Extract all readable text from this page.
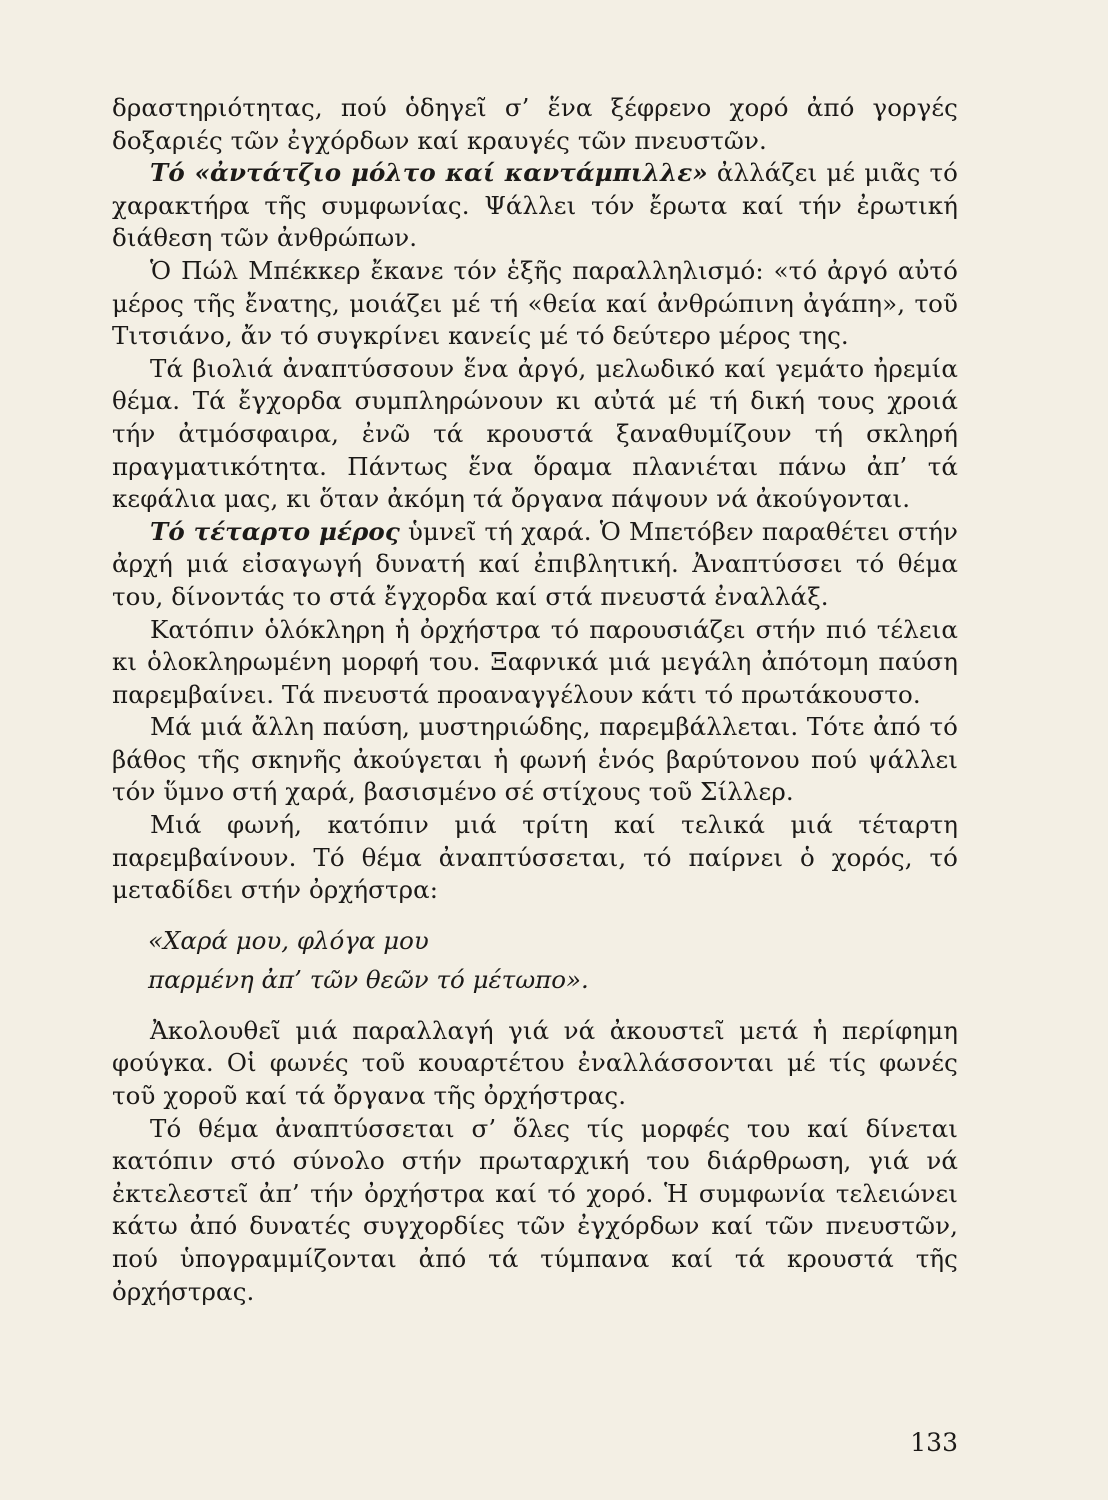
δραστηριότητας, πού ὁδηγεῖ σ’ ἕνα ξέφρενο χορό ἀπό γοργές δοξαριές τῶν ἐγχόρδων καί κραυγές τῶν πνευστῶν.

Τό «ἀντάτζιο μόλτο καί καντάμπιλλε» ἀλλάζει μέ μιᾶς τό χαρακτήρα τῆς συμφωνίας. Ψάλλει τόν ἔρωτα καί τήν ἐρωτική διάθεση τῶν ἀνθρώπων.

Ὁ Πώλ Μπέκκερ ἔκανε τόν ἑξῆς παραλληλισμό: «τό ἀργό αὐτό μέρος τῆς ἔνατης, μοιάζει μέ τή «θεία καί ἀνθρώπινη ἀγάπη», τοῦ Τιτσιάνο, ἄν τό συγκρίνει κανείς μέ τό δεύτερο μέρος της.

Τά βιολιά ἀναπτύσσουν ἕνα ἀργό, μελωδικό καί γεμάτο ἠρεμία θέμα. Τά ἔγχορδα συμπληρώνουν κι αὐτά μέ τή δική τους χροιά τήν ἀτμόσφαιρα, ἐνῶ τά κρουστά ξαναθυμίζουν τή σκληρή πραγματικότητα. Πάντως ἕνα ὅραμα πλανιέται πάνω ἀπ’ τά κεφάλια μας, κι ὅταν ἀκόμη τά ὄργανα πάψουν νά ἀκούγονται.

Τό τέταρτο μέρος ὑμνεῖ τή χαρά. Ὁ Μπετόβεν παραθέτει στήν ἀρχή μιά εἰσαγωγή δυνατή καί ἐπιβλητική. Ἀναπτύσσει τό θέμα του, δίνοντάς το στά ἔγχορδα καί στά πνευστά ἐναλλάξ.

Κατόπιν ὁλόκληρη ἡ ὀρχήστρα τό παρουσιάζει στήν πιό τέλεια κι ὁλοκληρωμένη μορφή του. Ξαφνικά μιά μεγάλη ἀπότομη παύση παρεμβαίνει. Τά πνευστά προαναγγέλουν κάτι τό πρωτάκουστο.

Μά μιά ἄλλη παύση, μυστηριώδης, παρεμβάλλεται. Τότε ἀπό τό βάθος τῆς σκηνῆς ἀκούγεται ἡ φωνή ἑνός βαρύτονου πού ψάλλει τόν ὕμνο στή χαρά, βασισμένο σέ στίχους τοῦ Σίλλερ.

Μιά φωνή, κατόπιν μιά τρίτη καί τελικά μιά τέταρτη παρεμβαίνουν. Τό θέμα ἀναπτύσσεται, τό παίρνει ὁ χορός, τό μεταδίδει στήν ὀρχήστρα:

«Χαρά μου, φλόγα μου
παρμένη ἀπ’ τῶν θεῶν τό μέτωπο».

Ἀκολουθεῖ μιά παραλλαγή γιά νά ἀκουστεῖ μετά ἡ περίφημη φούγκα. Οἱ φωνές τοῦ κουαρτέτου ἐναλλάσσονται μέ τίς φωνές τοῦ χοροῦ καί τά ὄργανα τῆς ὀρχήστρας.

Τό θέμα ἀναπτύσσεται σ’ ὅλες τίς μορφές του καί δίνεται κατόπιν στό σύνολο στήν πρωταρχική του διάρθρωση, γιά νά ἐκτελεστεῖ ἀπ’ τήν ὀρχήστρα καί τό χορό. Ἡ συμφωνία τελειώνει κάτω ἀπό δυνατές συγχορδίες τῶν ἐγχόρδων καί τῶν πνευστῶν, πού ὑπογραμμίζονται ἀπό τά τύμπανα καί τά κρουστά τῆς ὀρχήστρας.

133
